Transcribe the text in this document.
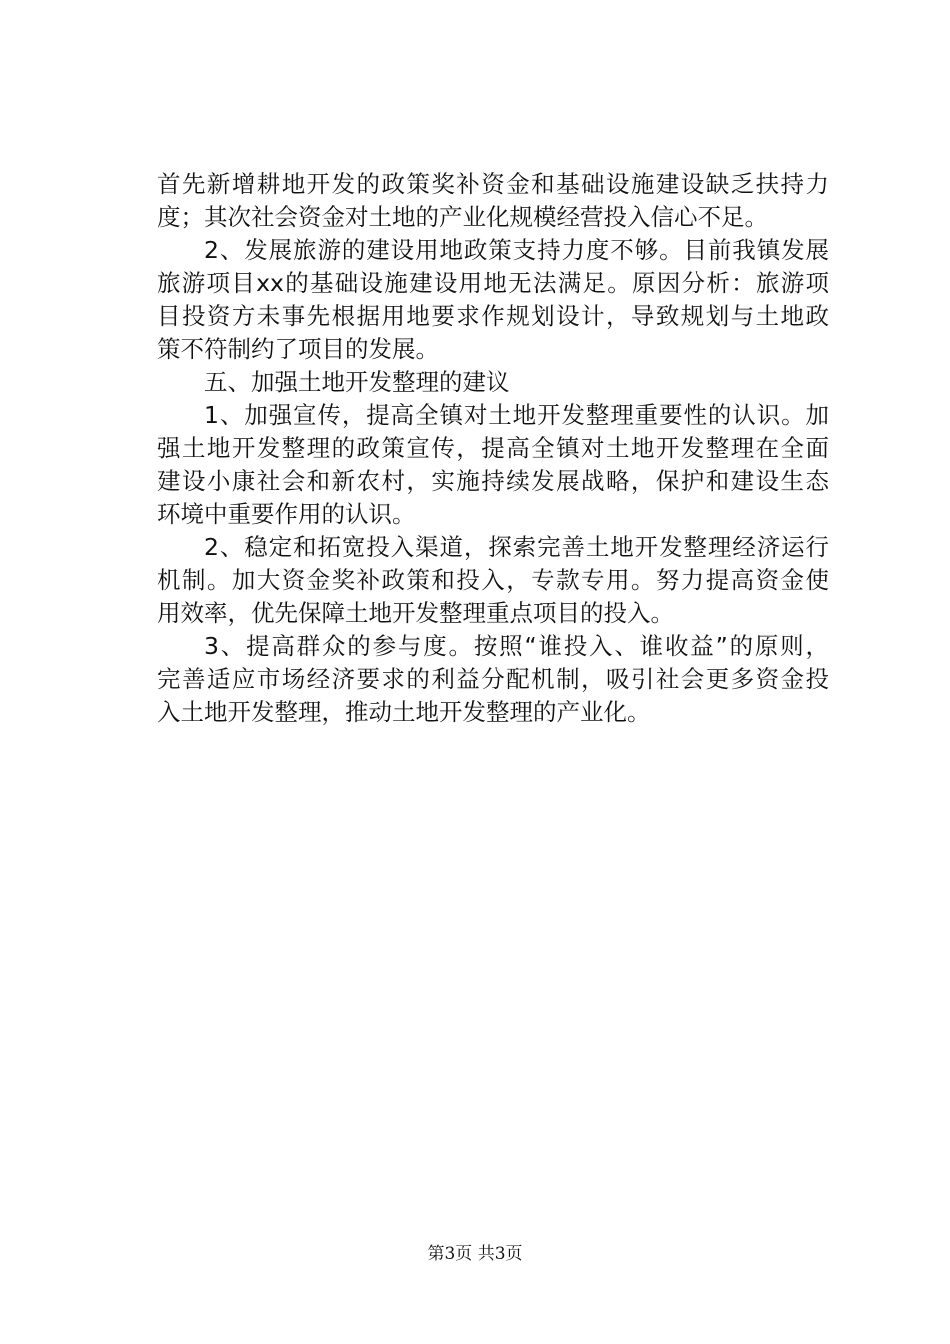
首先新增耕地开发的政策奖补资金和基础设施建设缺乏扶持力
度；其次社会资金对土地的产业化规模经营投入信心不足。
2、发展旅游的建设用地政策支持力度不够。目前我镇发展
旅游项目xx的基础设施建设用地无法满足。原因分析：旅游项
目投资方未事先根据用地要求作规划设计，导致规划与土地政
策不符制约了项目的发展。
五、加强土地开发整理的建议
1、加强宣传，提高全镇对土地开发整理重要性的认识。加
强土地开发整理的政策宣传，提高全镇对土地开发整理在全面
建设小康社会和新农村，实施持续发展战略，保护和建设生态
环境中重要作用的认识。
2、稳定和拓宽投入渠道，探索完善土地开发整理经济运行
机制。加大资金奖补政策和投入，专款专用。努力提高资金使
用效率，优先保障土地开发整理重点项目的投入。
3、提高群众的参与度。按照“谁投入、谁收益”的原则，
完善适应市场经济要求的利益分配机制，吸引社会更多资金投
入土地开发整理，推动土地开发整理的产业化。
第3页 共3页
